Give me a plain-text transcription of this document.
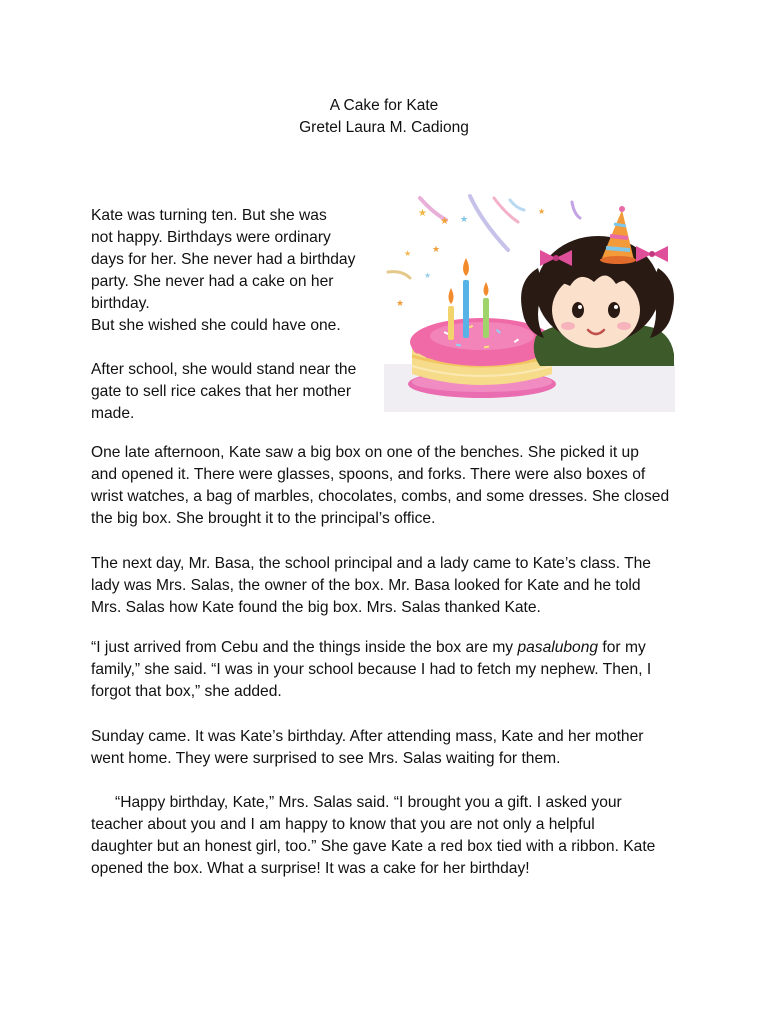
A Cake for Kate
Gretel Laura M. Cadiong

Kate was turning ten. But she was

not happy. Birthdays were ordinary

days for her. She never had a birthday

party. She never had a cake on her

birthday.

But she wished she could have one.

After school, she would stand near the

gate to sell rice cakes that her mother

made.

★
★ ★
★ ★
★
★
★

One late afternoon, Kate saw a big box on one of the benches. She picked it up

and opened it. There were glasses, spoons, and forks. There were also boxes of

wrist watches, a bag of marbles, chocolates, combs, and some dresses. She closed

the big box. She brought it to the principal’s office.

The next day, Mr. Basa, the school principal and a lady came to Kate’s class. The

lady was Mrs. Salas, the owner of the box. Mr. Basa looked for Kate and he told

Mrs. Salas how Kate found the big box. Mrs. Salas thanked Kate.

“I just arrived from Cebu and the things inside the box are my pasalubong for my

family,” she said. “I was in your school because I had to fetch my nephew. Then, I

forgot that box,” she added.

Sunday came. It was Kate’s birthday. After attending mass, Kate and her mother

went home. They were surprised to see Mrs. Salas waiting for them.

“Happy birthday, Kate,” Mrs. Salas said. “I brought you a gift. I asked your

teacher about you and I am happy to know that you are not only a helpful

daughter but an honest girl, too.” She gave Kate a red box tied with a ribbon. Kate

opened the box. What a surprise! It was a cake for her birthday!
